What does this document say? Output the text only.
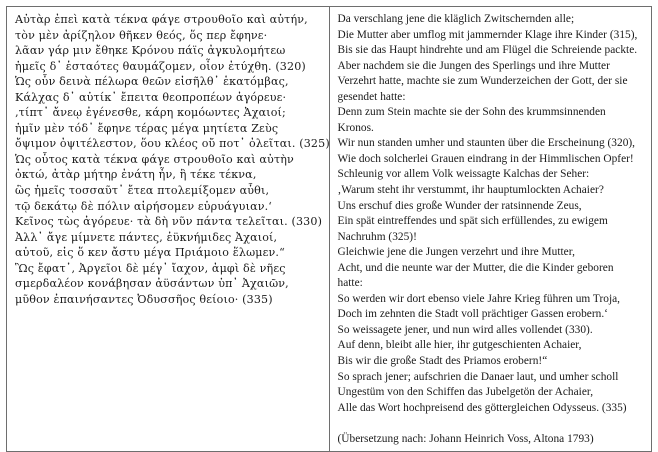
Αὐτὰρ ἐπεὶ κατὰ τέκνα φάγε στρουθοῖο καὶ αὐτήν,
τὸν μὲν ἀρίζηλον θῆκεν θεός, ὅς περ ἔφηνε·
λᾶαν γάρ μιν ἔθηκε Κρόνου πάϊς ἀγκυλομήτεω
ἡμεῖς δ᾽ ἑσταότες θαυμάζομεν, οἷον ἐτύχθη. (320)
Ὡς οὖν δεινὰ πέλωρα θεῶν εἰσῆλθ᾽ ἑκατόμβας,
Κάλχας δ᾽ αὐτίκ᾽ ἔπειτα θεοπροπέων ἀγόρευε·
‚τίπτ᾽ ἄνεῳ ἐγένεσθε, κάρη κομόωντες Ἀχαιοί;
ἡμῖν μὲν τόδ᾽ ἔφηνε τέρας μέγα μητίετα Ζεὺς
ὄψιμον ὀψιτέλεστον, ὅου κλέος οὔ ποτ᾽ ὀλεῖται. (325)
Ὡς οὗτος κατὰ τέκνα φάγε στρουθοῖο καὶ αὐτὴν
ὀκτώ, ἀτὰρ μήτηρ ἐνάτη ἦν, ἣ τέκε τέκνα,
ὣς ἡμεῖς τοσσαῦτ᾽ ἔτεα πτολεμίξομεν αὖθι,
τῷ δεκάτῳ δὲ πόλιν αἱρήσομεν εὐρυάγυιαν.‘
Κεῖνος τὼς ἀγόρευε· τὰ δὴ νῦν πάντα τελεῖται. (330)
Ἀλλ᾽ ἄγε μίμνετε πάντες, ἐϋκνήμιδες Ἀχαιοί,
αὐτοῦ, εἰς ὅ κεν ἄστυ μέγα Πριάμοιο ἕλωμεν.“
Ὣς ἔφατ᾽, Ἀργεῖοι δὲ μέγ᾽ ἴαχον, ἀμφὶ δὲ νῆες
σμερδαλέον κονάβησαν ἀϋσάντων ὑπ᾽ Ἀχαιῶν,
μῦθον ἐπαινήσαντες Ὀδυσσῆος θείοιο· (335)

Da verschlang jene die kläglich Zwitschernden alle;
Die Mutter aber umflog mit jammernder Klage ihre Kinder (315),
Bis sie das Haupt hindrehte und am Flügel die Schreiende packte.
Aber nachdem sie die Jungen des Sperlings und ihre Mutter
Verzehrt hatte, machte sie zum Wunderzeichen der Gott, der sie
gesendet hatte:
Denn zum Stein machte sie der Sohn des krummsinnenden
Kronos.
Wir nun standen umher und staunten über die Erscheinung (320),
Wie doch solcherlei Grauen eindrang in der Himmlischen Opfer!
Schleunig vor allem Volk weissagte Kalchas der Seher:
‚Warum steht ihr verstummt, ihr hauptumlockten Achaier?
Uns erschuf dies große Wunder der ratsinnende Zeus,
Ein spät eintreffendes und spät sich erfüllendes, zu ewigem
Nachruhm (325)!
Gleichwie jene die Jungen verzehrt und ihre Mutter,
Acht, und die neunte war der Mutter, die die Kinder geboren
hatte:
So werden wir dort ebenso viele Jahre Krieg führen um Troja,
Doch im zehnten die Stadt voll prächtiger Gassen erobern.‘
So weissagete jener, und nun wird alles vollendet (330).
Auf denn, bleibt alle hier, ihr gutgeschienten Achaier,
Bis wir die große Stadt des Priamos erobern!“
So sprach jener; aufschrien die Danaer laut, und umher scholl
Ungestüm von den Schiffen das Jubelgetön der Achaier,
Alle das Wort hochpreisend des göttergleichen Odysseus. (335)
(Übersetzung nach: Johann Heinrich Voss, Altona 1793)
